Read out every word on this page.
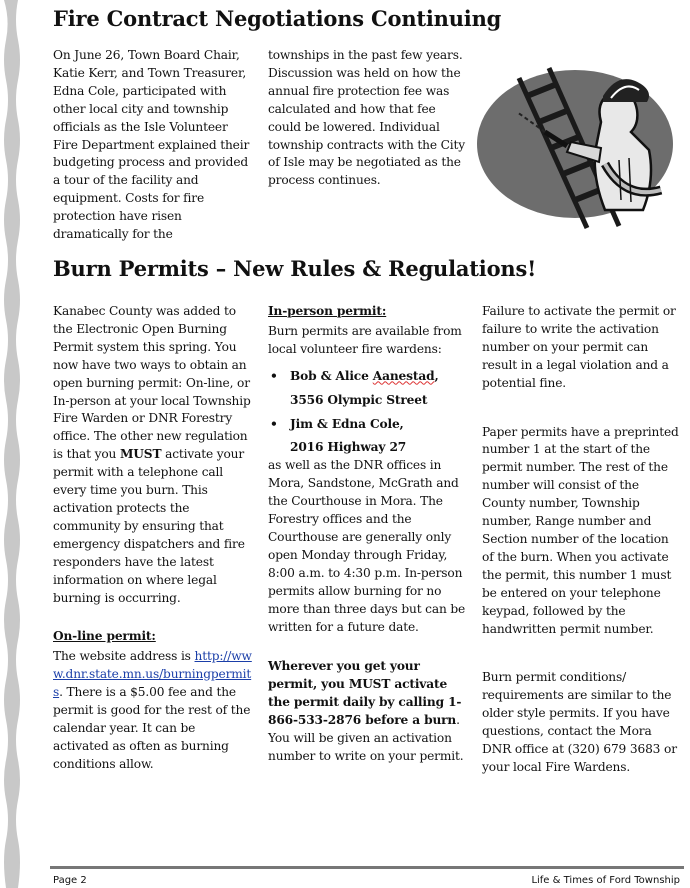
Fire Contract Negotiations Continuing

On June 26, Town Board Chair, Katie Kerr, and Town Treasurer, Edna Cole, participated with other local city and township officials as the Isle Volunteer Fire Department explained their budgeting process and provided a tour of the facility and equipment. Costs for fire protection have risen dramatically for the

townships in the past few years. Discussion was held on how the annual fire protection fee was calculated and how that fee could be lowered. Individual township contracts with the City of Isle may be negotiated as the process continues.

Burn Permits – New Rules & Regulations!

Kanabec County was added to the Electronic Open Burning Permit system this spring. You now have two ways to obtain an open burning permit: On-line, or In-person at your local Township Fire Warden or DNR Forestry office. The other new regulation is that you MUST activate your permit with a telephone call every time you burn. This activation protects the community by ensuring that emergency dispatchers and fire responders have the latest information on where legal burning is occurring.

On-line permit:

The website address is http://www.dnr.state.mn.us/burningpermits. There is a $5.00 fee and the permit is good for the rest of the calendar year. It can be activated as often as burning conditions allow.

In-person permit:

Burn permits are available from local volunteer fire wardens:

• Bob & Alice Aanestad,

3556 Olympic Street

• Jim & Edna Cole,

2016 Highway 27

as well as the DNR offices in Mora, Sandstone, McGrath and the Courthouse in Mora. The Forestry offices and the Courthouse are generally only open Monday through Friday, 8:00 a.m. to 4:30 p.m. In-person permits allow burning for no more than three days but can be written for a future date.

Wherever you get your permit, you MUST activate the permit daily by calling 1-866-533-2876 before a burn. You will be given an activation number to write on your permit.

Failure to activate the permit or failure to write the activation number on your permit can result in a legal violation and a potential fine.

Paper permits have a preprinted number 1 at the start of the permit number. The rest of the number will consist of the County number, Township number, Range number and Section number of the location of the burn. When you activate the permit, this number 1 must be entered on your telephone keypad, followed by the handwritten permit number.

Burn permit conditions/ requirements are similar to the older style permits. If you have questions, contact the Mora DNR office at (320) 679 3683 or your local Fire Wardens.

Page 2	Life & Times of Ford Township
